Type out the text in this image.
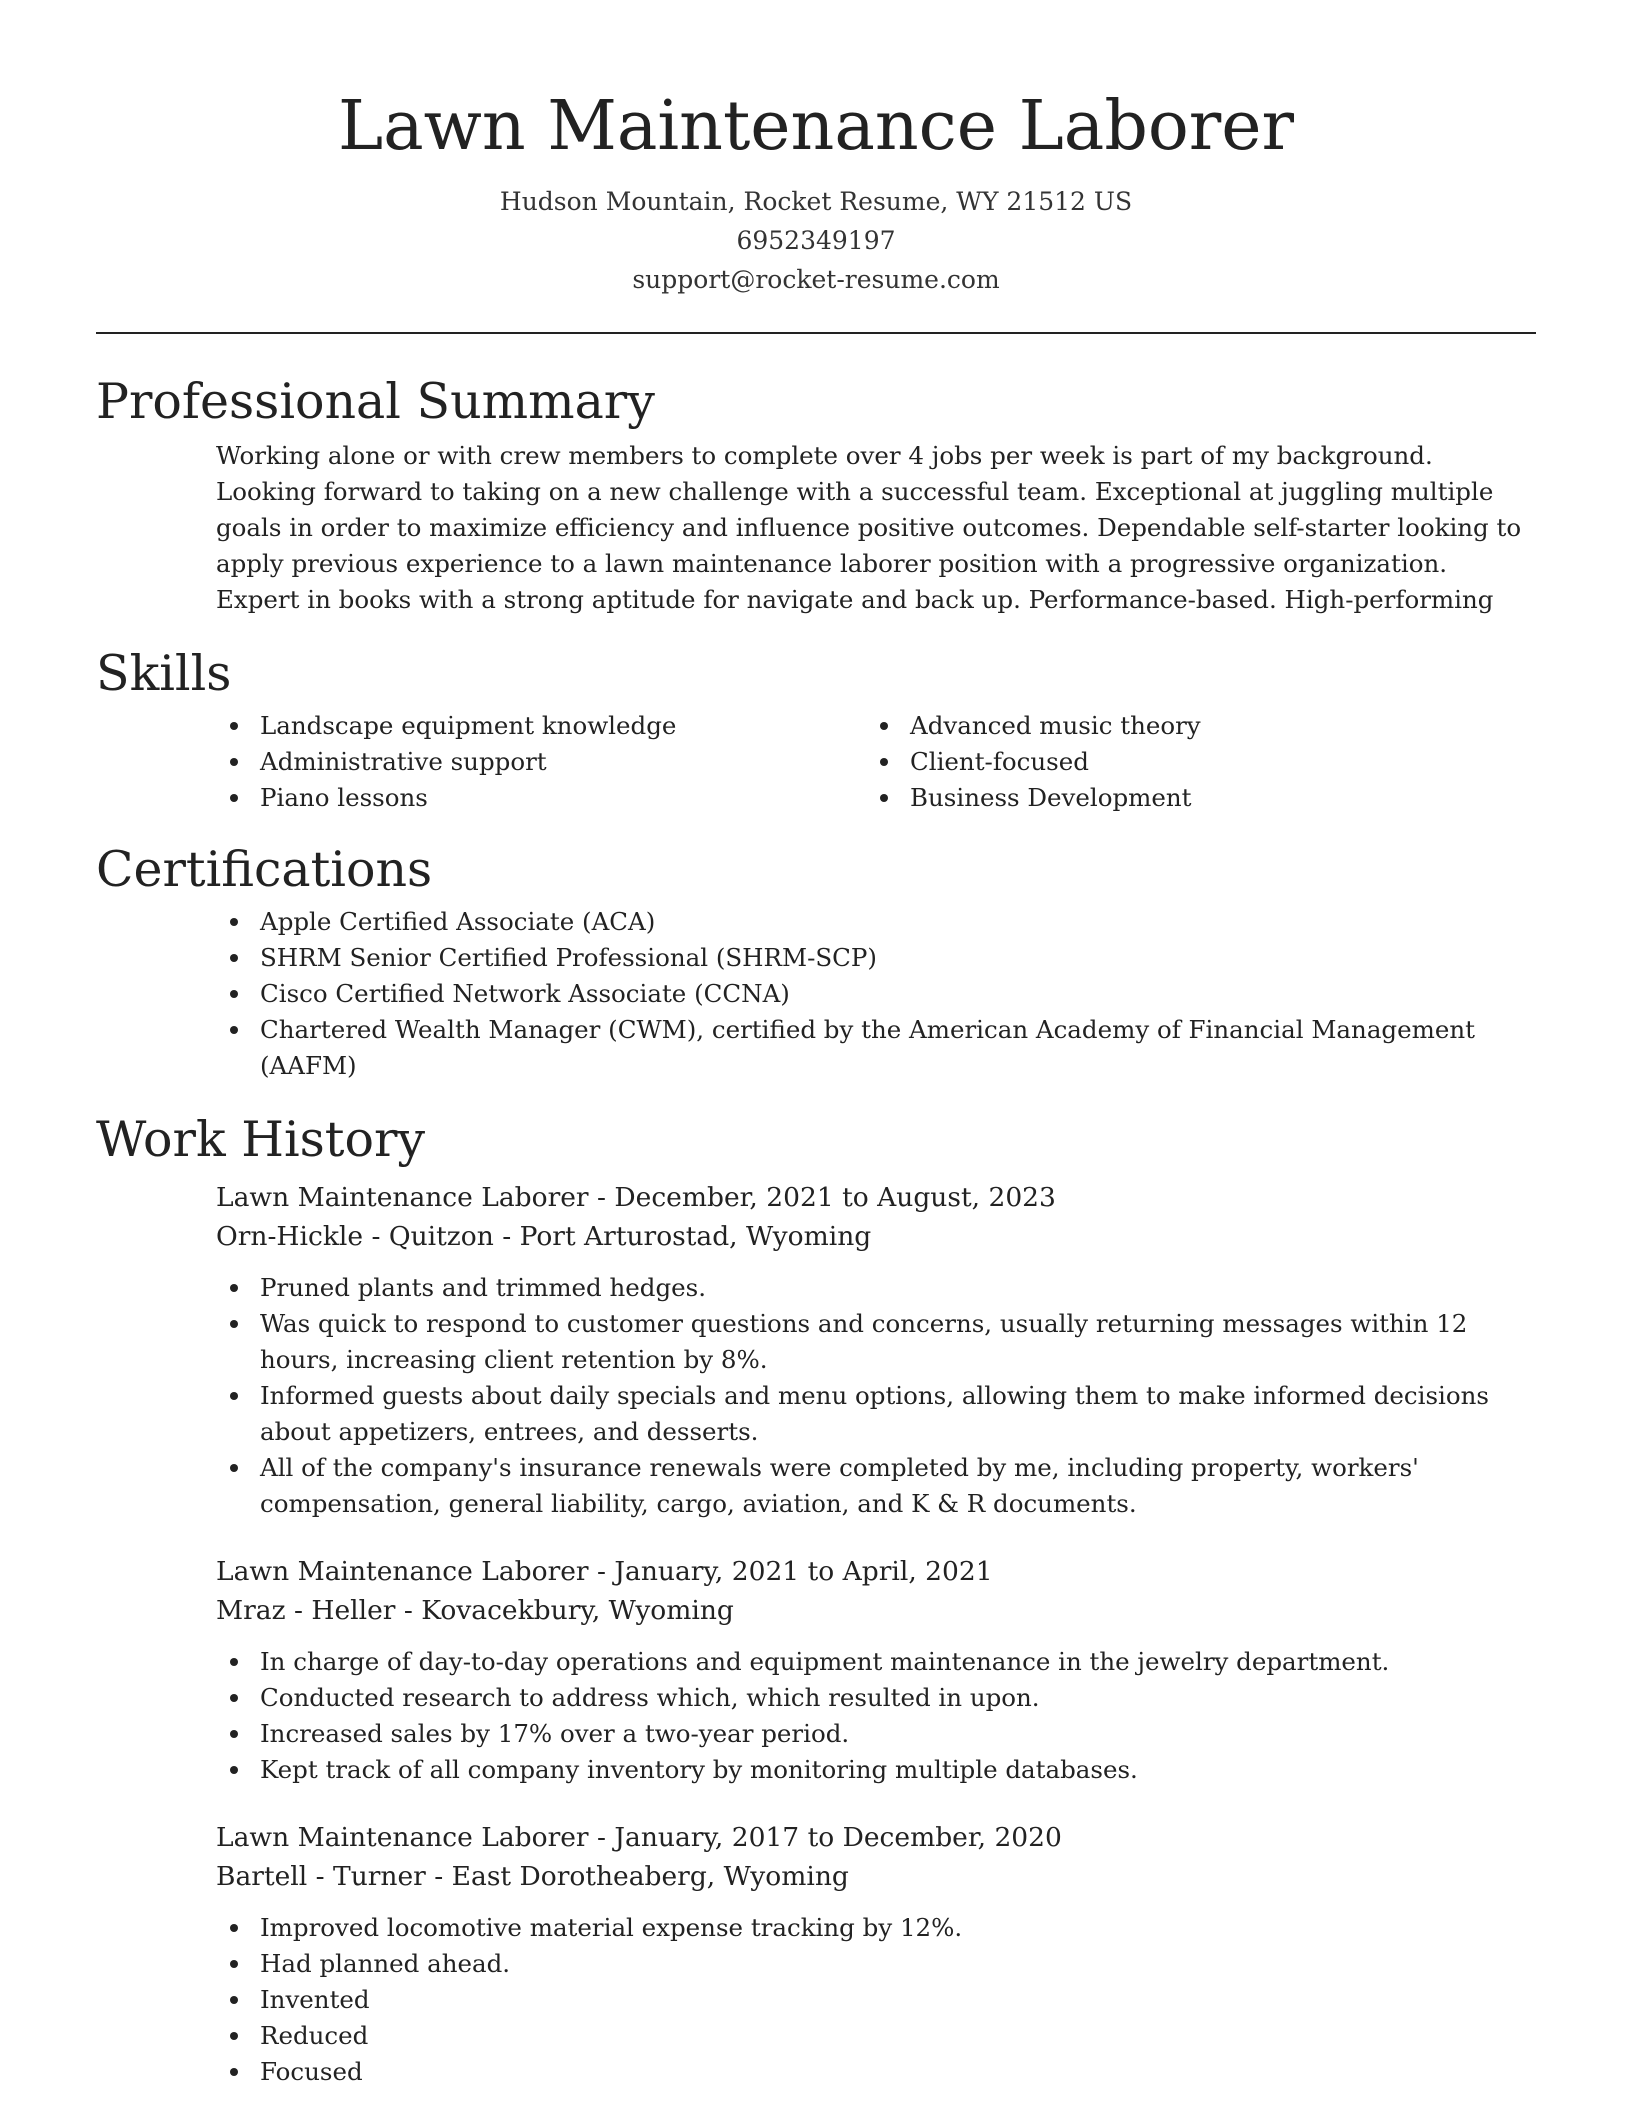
Lawn Maintenance Laborer
Hudson Mountain, Rocket Resume, WY 21512 US
6952349197
support@rocket-resume.com
Professional Summary

Working alone or with crew members to complete over 4 jobs per week is part of my background. Looking forward to taking on a new challenge with a successful team. Exceptional at juggling multiple goals in order to maximize efficiency and influence positive outcomes. Dependable self-starter looking to apply previous experience to a lawn maintenance laborer position with a progressive organization. Expert in books with a strong aptitude for navigate and back up. Performance-based. High-performing

Skills
Landscape equipment knowledge
Administrative support
Piano lessons
Advanced music theory
Client-focused
Business Development
Certifications
Apple Certified Associate (ACA)
SHRM Senior Certified Professional (SHRM-SCP)
Cisco Certified Network Associate (CCNA)
Chartered Wealth Manager (CWM), certified by the American Academy of Financial Management (AAFM)
Work History
Lawn Maintenance Laborer - December, 2021 to August, 2023
Orn-Hickle - Quitzon - Port Arturostad, Wyoming
Pruned plants and trimmed hedges.
Was quick to respond to customer questions and concerns, usually returning messages within 12 hours, increasing client retention by 8%.
Informed guests about daily specials and menu options, allowing them to make informed decisions about appetizers, entrees, and desserts.
All of the company's insurance renewals were completed by me, including property, workers' compensation, general liability, cargo, aviation, and K & R documents.
Lawn Maintenance Laborer - January, 2021 to April, 2021
Mraz - Heller - Kovacekbury, Wyoming
In charge of day-to-day operations and equipment maintenance in the jewelry department.
Conducted research to address which, which resulted in upon.
Increased sales by 17% over a two-year period.
Kept track of all company inventory by monitoring multiple databases.
Lawn Maintenance Laborer - January, 2017 to December, 2020
Bartell - Turner - East Dorotheaberg, Wyoming
Improved locomotive material expense tracking by 12%.
Had planned ahead.
Invented
Reduced
Focused
